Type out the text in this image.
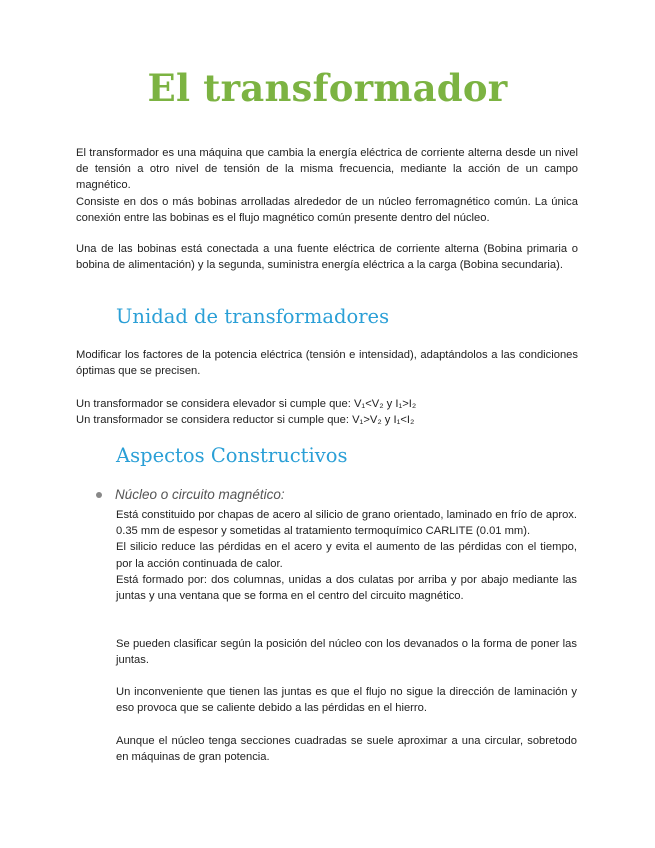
El transformador

El transformador es una máquina que cambia la energía eléctrica de corriente alterna desde un nivel de tensión a otro nivel de tensión de la misma frecuencia, mediante la acción de un campo magnético.

Consiste en dos o más bobinas arrolladas alrededor de un núcleo ferromagnético común. La única conexión entre las bobinas es el flujo magnético común presente dentro del núcleo.

Una de las bobinas está conectada a una fuente eléctrica de corriente alterna (Bobina primaria o bobina de alimentación) y la segunda, suministra energía eléctrica a la carga (Bobina secundaria).

Unidad de transformadores

Modificar los factores de la potencia eléctrica (tensión e intensidad), adaptándolos a las condiciones óptimas que se precisen.

Un transformador se considera elevador si cumple que: V₁<V₂ y I₁>I₂

Un transformador se considera reductor si cumple que: V₁>V₂ y I₁<I₂

Aspectos Constructivos
Núcleo o circuito magnético:

Está constituido por chapas de acero al silicio de grano orientado, laminado en frío de aprox. 0.35 mm de espesor y sometidas al tratamiento termoquímico CARLITE (0.01 mm).

El silicio reduce las pérdidas en el acero y evita el aumento de las pérdidas con el tiempo, por la acción continuada de calor.

Está formado por: dos columnas, unidas a dos culatas por arriba y por abajo mediante las juntas y una ventana que se forma en el centro del circuito magnético.

Se pueden clasificar según la posición del núcleo con los devanados o la forma de poner las juntas.

Un inconveniente que tienen las juntas es que el flujo no sigue la dirección de laminación y eso provoca que se caliente debido a las pérdidas en el hierro.

Aunque el núcleo tenga secciones cuadradas se suele aproximar a una circular, sobretodo en máquinas de gran potencia.
